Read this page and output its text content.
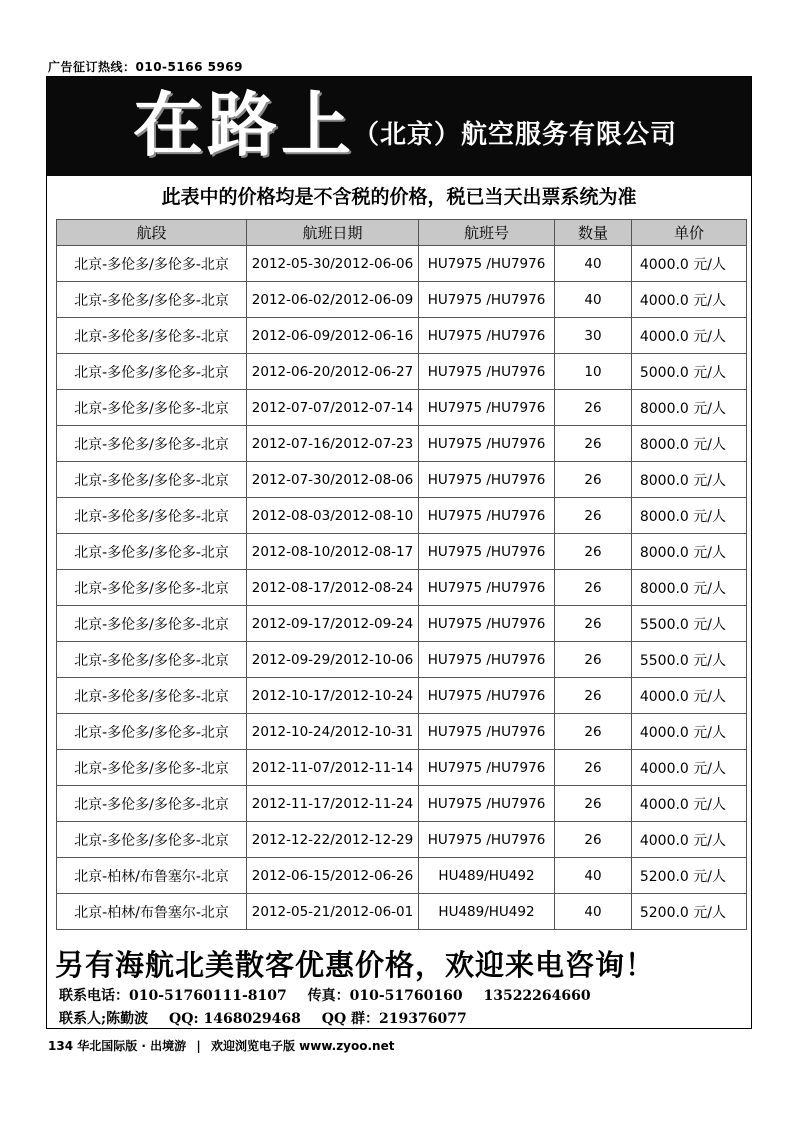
广告征订热线：010-5166 5969
在路上
（北京）航空服务有限公司
此表中的价格均是不含税的价格，税已当天出票系统为准
航段	航班日期	航班号	数量	单价
北京-多伦多/多伦多-北京	2012-05-30/2012-06-06	HU7975 /HU7976	40	4000.0 元/人
北京-多伦多/多伦多-北京	2012-06-02/2012-06-09	HU7975 /HU7976	40	4000.0 元/人
北京-多伦多/多伦多-北京	2012-06-09/2012-06-16	HU7975 /HU7976	30	4000.0 元/人
北京-多伦多/多伦多-北京	2012-06-20/2012-06-27	HU7975 /HU7976	10	5000.0 元/人
北京-多伦多/多伦多-北京	2012-07-07/2012-07-14	HU7975 /HU7976	26	8000.0 元/人
北京-多伦多/多伦多-北京	2012-07-16/2012-07-23	HU7975 /HU7976	26	8000.0 元/人
北京-多伦多/多伦多-北京	2012-07-30/2012-08-06	HU7975 /HU7976	26	8000.0 元/人
北京-多伦多/多伦多-北京	2012-08-03/2012-08-10	HU7975 /HU7976	26	8000.0 元/人
北京-多伦多/多伦多-北京	2012-08-10/2012-08-17	HU7975 /HU7976	26	8000.0 元/人
北京-多伦多/多伦多-北京	2012-08-17/2012-08-24	HU7975 /HU7976	26	8000.0 元/人
北京-多伦多/多伦多-北京	2012-09-17/2012-09-24	HU7975 /HU7976	26	5500.0 元/人
北京-多伦多/多伦多-北京	2012-09-29/2012-10-06	HU7975 /HU7976	26	5500.0 元/人
北京-多伦多/多伦多-北京	2012-10-17/2012-10-24	HU7975 /HU7976	26	4000.0 元/人
北京-多伦多/多伦多-北京	2012-10-24/2012-10-31	HU7975 /HU7976	26	4000.0 元/人
北京-多伦多/多伦多-北京	2012-11-07/2012-11-14	HU7975 /HU7976	26	4000.0 元/人
北京-多伦多/多伦多-北京	2012-11-17/2012-11-24	HU7975 /HU7976	26	4000.0 元/人
北京-多伦多/多伦多-北京	2012-12-22/2012-12-29	HU7975 /HU7976	26	4000.0 元/人
北京-柏林/布鲁塞尔-北京	2012-06-15/2012-06-26	HU489/HU492	40	5200.0 元/人
北京-柏林/布鲁塞尔-北京	2012-05-21/2012-06-01	HU489/HU492	40	5200.0 元/人
另有海航北美散客优惠价格，欢迎来电咨询！
联系电话：010-51760111-8107 传真：010-51760160 13522264660
联系人;陈勤波 QQ: 1468029468 QQ 群：219376077
134 华北国际版 · 出境游 | 欢迎浏览电子版 www.zyoo.net
